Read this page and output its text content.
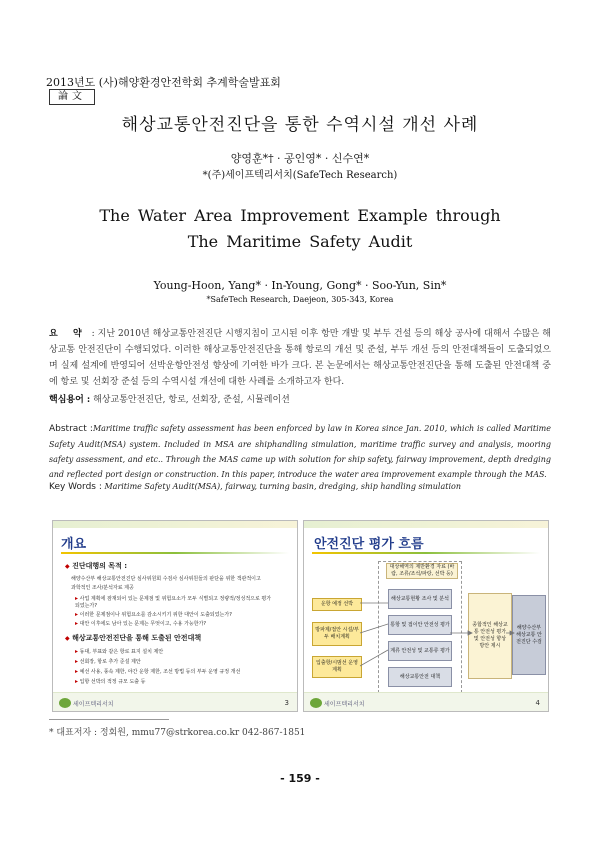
2013년도 (사)해양환경안전학회 추계학술발표회
論文
해상교통안전진단을 통한 수역시설 개선 사례
양영훈*† · 공인영* · 신수연*
*(주)세이프텍리서치(SafeTech Research)
The Water Area Improvement Example through
The Maritime Safety Audit
Young-Hoon, Yang* · In-Young, Gong* · Soo-Yun, Sin*
*SafeTech Research, Daejeon, 305-343, Korea
요 약 : 지난 2010년 해상교통안전진단 시행지침이 고시된 이후 항만 개발 및 부두 건설 등의 해상 공사에 대해서 수많은 해상교통 안전진단이 수행되었다. 이러한 해상교통안전진단을 통해 항로의 개선 및 준설, 부두 개선 등의 안전대책들이 도출되었으며 실제 설계에 반영되어 선박운항안전성 향상에 기여한 바가 크다. 본 논문에서는 해상교통안전진단을 통해 도출된 안전대책 중에 항로 및 선회장 준설 등의 수역시설 개선에 대한 사례를 소개하고자 한다.
핵심용어 : 해상교통안전진단, 항로, 선회장, 준설, 시뮬레이션
Abstract :Maritime traffic safety assessment has been enforced by law in Korea since Jan. 2010, which is called Maritime Safety Audit(MSA) system. Included in MSA are shiphandling simulation, maritime traffic survey and analysis, mooring safety assessment, and etc.. Through the MAS came up with solution for ship safety, fairway improvement, depth dredging and reflected port design or construction. In this paper, introduce the water area improvement example through the MAS.
Key Words : Maritime Safety Audit(MSA), fairway, turning basin, dredging, ship handling simulation
개요
◆ 진단대행의 목적 :
해양수산부 해상교통안전진단 심사위원회 수검사 심사위원들의 판단을 위한 객관적이고
과학적인 조사/분석자료 제공
▸ 사업 계획에 잠재되어 있는 문제점 및 위험요소가 모두 식별되고 정량적/정성적으로 평가되었는가?
▸ 이러한 문제점이나 위험요소를 감소시키기 위한 대안이 도출되었는가?
▸ 대안 이후에도 남아 있는 문제는 무엇이고, 수용 가능한가?
◆ 해상교통안전진단을 통해 도출된 안전대책
▸ 동대, 부표와 같은 항로 표지 설치 제안
▸ 선회장, 항로 추가 준설 제안
▸ 예선 사용, 풍속 제한, 야간 운항 제한, 조선 방법 등의 부두 운영 규정 개선
▸ 입항 선박의 적정 규모 도출 등
세이프텍리서치	3
안전진단 평가 흐름
대상해역의 제반환경 자료 (바람, 조류/조석/파랑, 선박 등)
운항 예정 선박
방파제/접안 시설/부두 배치계획
입출항/시범선 운영 계획
해상교통현황 조사 및 분석
통항 및 접이안 안전성 평가
계류 안전성 및 교통류 평가
해상교통안전 대책
종합적인 해상교통 안전성 평가 및 안전성 향상 방안 제시
해양수산부 해상교통 안전진단 수검
세이프텍리서치	4
* 대표저자 : 정회원, mmu77@strkorea.co.kr 042-867-1851
- 159 -
